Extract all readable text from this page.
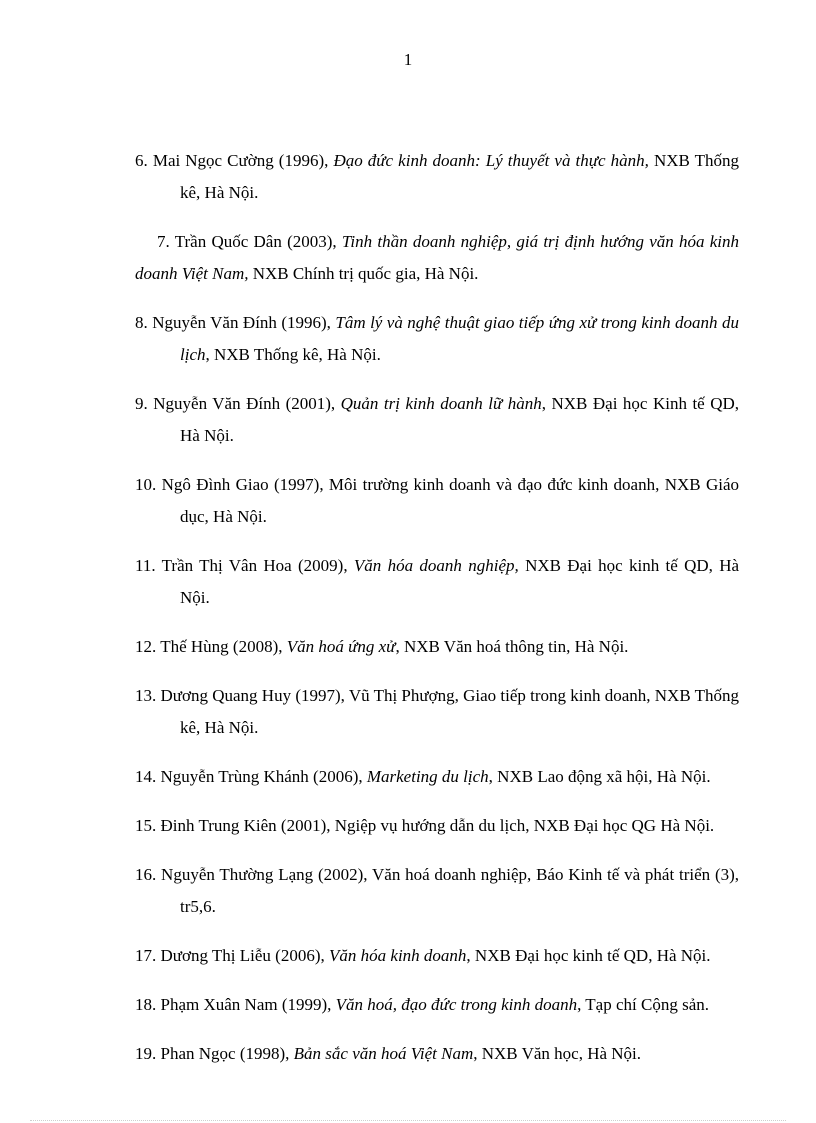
1

6. Mai Ngọc Cường (1996), Đạo đức kinh doanh: Lý thuyết và thực hành, NXB Thống kê, Hà Nội.

7. Trần Quốc Dân (2003), Tinh thần doanh nghiệp, giá trị định hướng văn hóa kinh doanh Việt Nam, NXB Chính trị quốc gia, Hà Nội.

8. Nguyễn Văn Đính (1996), Tâm lý và nghệ thuật giao tiếp ứng xử trong kinh doanh du lịch, NXB Thống kê, Hà Nội.

9. Nguyễn Văn Đính (2001), Quản trị kinh doanh lữ hành, NXB Đại học Kinh tế QD, Hà Nội.

10. Ngô Đình Giao (1997), Môi trường kinh doanh và đạo đức kinh doanh, NXB Giáo dục, Hà Nội.

11. Trần Thị Vân Hoa (2009), Văn hóa doanh nghiệp, NXB Đại học kinh tế QD, Hà Nội.

12. Thế Hùng (2008), Văn hoá ứng xử, NXB Văn hoá thông tin, Hà Nội.

13. Dương Quang Huy (1997), Vũ Thị Phượng, Giao tiếp trong kinh doanh, NXB Thống kê, Hà Nội.

14. Nguyễn Trùng Khánh (2006), Marketing du lịch, NXB Lao động xã hội, Hà Nội.

15. Đinh Trung Kiên (2001), Ngiệp vụ hướng dẫn du lịch, NXB Đại học QG Hà Nội.

16. Nguyễn Thường Lạng (2002), Văn hoá doanh nghiệp, Báo Kinh tế và phát triển (3), tr5,6.

17. Dương Thị Liễu (2006), Văn hóa kinh doanh, NXB Đại học kinh tế QD, Hà Nội.

18. Phạm Xuân Nam (1999), Văn hoá, đạo đức trong kinh doanh, Tạp chí Cộng sản.

19. Phan Ngọc (1998), Bản sắc văn hoá Việt Nam, NXB Văn học, Hà Nội.
